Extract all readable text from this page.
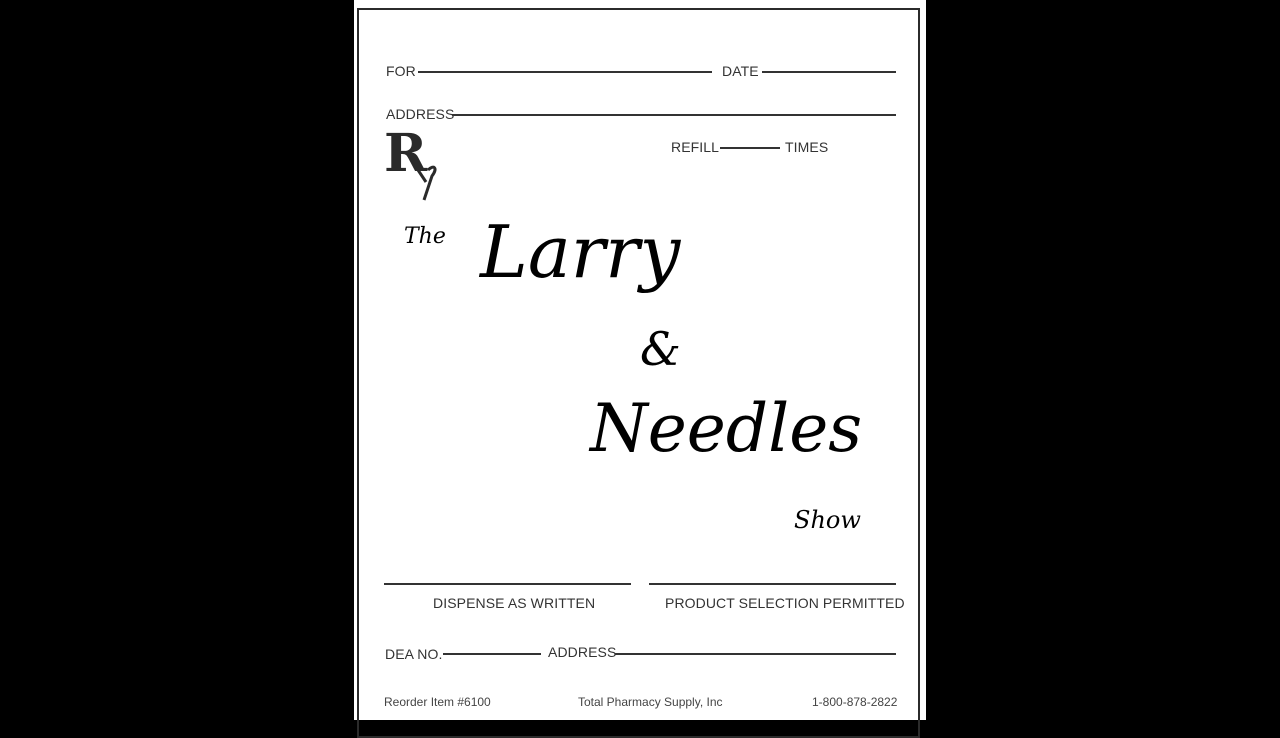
FOR	DATE
ADDRESS
R	REFILL	TIMES
The Larry
&
Needles
Show
DISPENSE AS WRITTEN	PRODUCT SELECTION PERMITTED
DEA NO.	ADDRESS
Reorder Item #6100	Total Pharmacy Supply, Inc	1-800-878-2822
